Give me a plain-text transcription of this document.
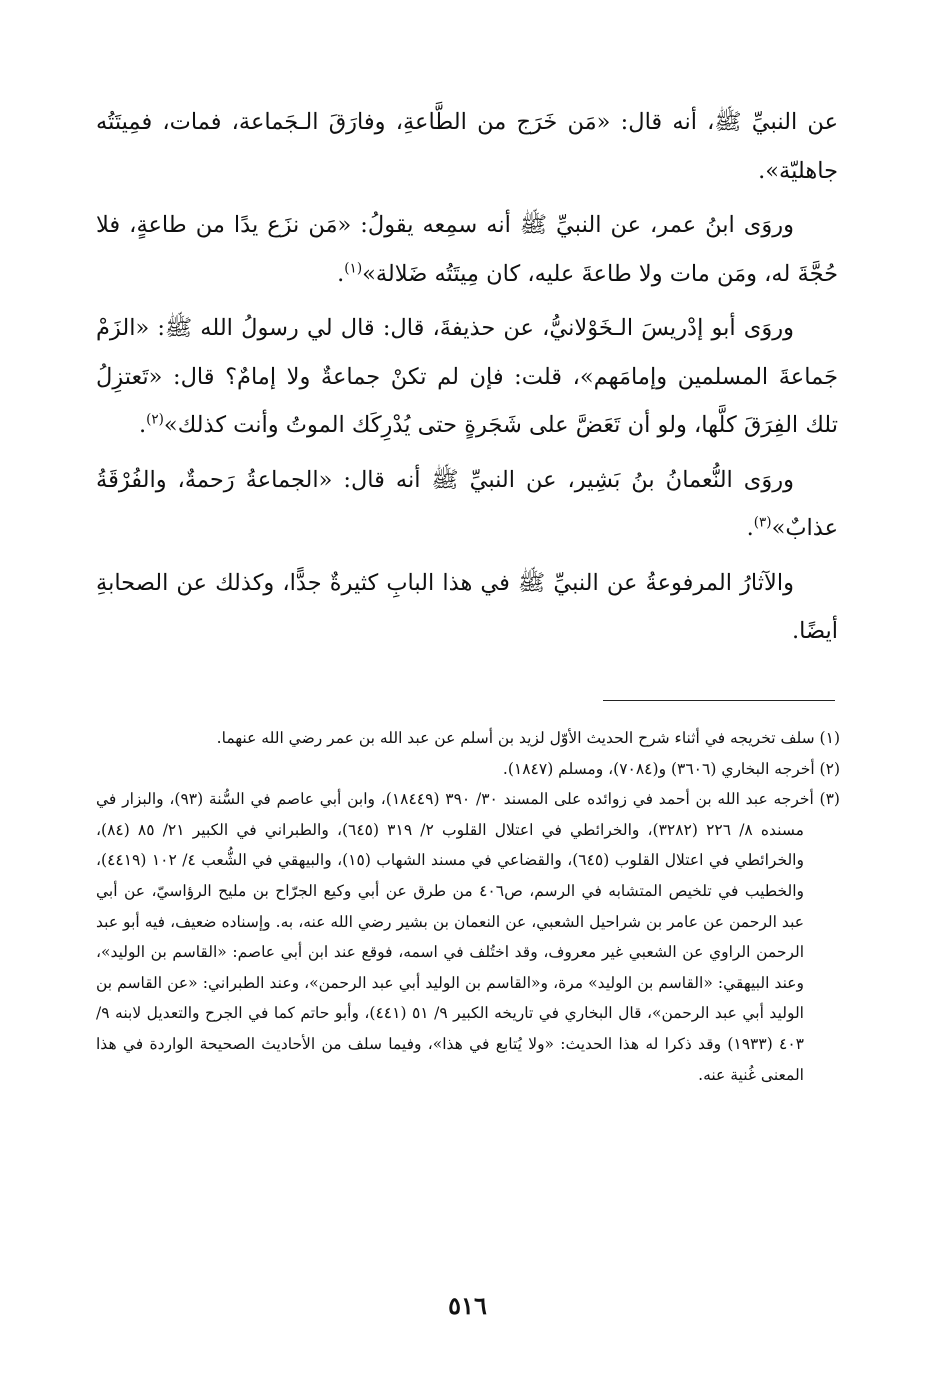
عن النبيِّ ﷺ، أنه قال: «مَن خَرَج من الطَّاعةِ، وفارَقَ الـجَماعة، فمات، فمِيتَتُه جاهليّة».

وروَى ابنُ عمر، عن النبيِّ ﷺ أنه سمِعه يقولُ: «مَن نزَع يدًا من طاعةٍ، فلا حُجَّةَ له، ومَن مات ولا طاعةَ عليه، كان مِيتَتُه ضَلالة»$^{(١)}$.

وروَى أبو إدْريسَ الـخَوْلانيُّ، عن حذيفةَ، قال: قال لي رسولُ الله ﷺ: «الزَمْ جَماعةَ المسلمين وإمامَهم»، قلت: فإن لم تكنْ جماعةٌ ولا إمامٌ؟ قال: «تَعتزِلُ تلك الفِرَقَ كلَّها، ولو أن تَعَضَّ على شَجَرةٍ حتى يُدْرِكَك الموتُ وأنت كذلك»$^{(٢)}$.

وروَى النُّعمانُ بنُ بَشِير، عن النبيِّ ﷺ أنه قال: «الجماعةُ رَحمةٌ، والفُرْقَةُ عذابٌ»$^{(٣)}$.

والآثارُ المرفوعةُ عن النبيِّ ﷺ في هذا البابِ كثيرةٌ جدًّا، وكذلك عن الصحابةِ أيضًا.

(١) سلف تخريجه في أثناء شرح الحديث الأوّل لزيد بن أسلم عن عبد الله بن عمر رضي الله عنهما.

(٢) أخرجه البخاري (٣٦٠٦) و(٧٠٨٤)، ومسلم (١٨٤٧).

(٣) أخرجه عبد الله بن أحمد في زوائده على المسند ٣٠/ ٣٩٠ (١٨٤٤٩)، وابن أبي عاصم في السُّنة (٩٣)، والبزار في مسنده ٨/ ٢٢٦ (٣٢٨٢)، والخرائطي في اعتلال القلوب ٢/ ٣١٩ (٦٤٥)، والطبراني في الكبير ٢١/ ٨٥ (٨٤)، والخرائطي في اعتلال القلوب (٦٤٥)، والقضاعي في مسند الشهاب (١٥)، والبيهقي في الشُّعب ٤/ ١٠٢ (٤٤١٩)، والخطيب في تلخيص المتشابه في الرسم، ص٤٠٦ من طرق عن أبي وكيع الجرّاح بن مليح الرؤاسيّ، عن أبي عبد الرحمن عن عامر بن شراحيل الشعبي، عن النعمان بن بشير رضي الله عنه، به. وإسناده ضعيف، فيه أبو عبد الرحمن الراوي عن الشعبي غير معروف، وقد اختُلف في اسمه، فوقع عند ابن أبي عاصم: «القاسم بن الوليد»، وعند البيهقي: «القاسم بن الوليد» مرة، و«القاسم بن الوليد أبي عبد الرحمن»، وعند الطبراني: «عن القاسم بن الوليد أبي عبد الرحمن»، قال البخاري في تاريخه الكبير ٩/ ٥١ (٤٤١)، وأبو حاتم كما في الجرح والتعديل لابنه ٩/ ٤٠٣ (١٩٣٣) وقد ذكرا له هذا الحديث: «ولا يُتابع في هذا»، وفيما سلف من الأحاديث الصحيحة الواردة في هذا المعنى غُنية عنه.

٥١٦
